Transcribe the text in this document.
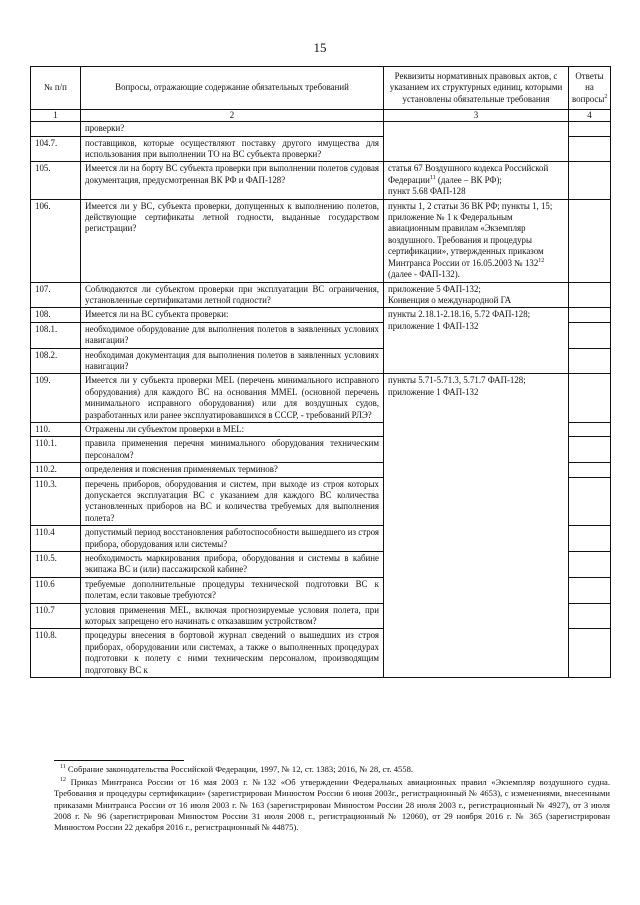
15
№ п/п	Вопросы, отражающие содержание обязательных требований	Реквизиты нормативных правовых актов, с указанием их структурных единиц, которыми установлены обязательные требования	Ответы на вопросы$^2$
1	2	3	4
	проверки?		
104.7.	поставщиков, которые осуществляют поставку другого имущества для использования при выполнении ТО на ВС субъекта проверки?		
105.	Имеется ли на борту ВС субъекта проверки при выполнении полетов судовая документация, предусмотренная ВК РФ и ФАП-128?	статья 67 Воздушного кодекса Российской Федерации$^{11}$ (далее – ВК РФ);
пункт 5.68 ФАП-128	
106.	Имеется ли у ВС, субъекта проверки, допущенных к выполнению полетов, действующие сертификаты летной годности, выданные государством регистрации?	пункты 1, 2 статьи 36 ВК РФ; пункты 1, 15; приложение № 1 к Федеральным авиационным правилам «Экземпляр воздушного. Требования и процедуры сертификации», утвержденных приказом Минтранса России от 16.05.2003 № $132^{12}$ (далее - ФАП-132).	
107.	Соблюдаются ли субъектом проверки при эксплуатации ВС ограничения, установленные сертификатами летной годности?	приложение 5 ФАП-132;
Конвенция о международной ГА	
108.	Имеется ли на ВС субъекта проверки:	пункты 2.18.1-2.18.16, 5.72 ФАП-128; приложение 1 ФАП-132	
108.1.	необходимое оборудование для выполнения полетов в заявленных условиях навигации?		
108.2.	необходимая документация для выполнения полетов в заявленных условиях навигации?		
109.	Имеется ли у субъекта проверки MEL (перечень минимального исправного оборудования) для каждого ВС на основания MMEL (основной перечень минимального исправного оборудования) или для воздушных судов, разработанных или ранее эксплуатировавшихся в СССР, - требований РЛЭ?	пункты 5.71-5.71.3, 5.71.7 ФАП-128; приложение 1 ФАП-132	
110.	Отражены ли субъектом проверки в MEL:		
110.1.	правила применения перечня минимального оборудования техническим персоналом?		
110.2.	определения и пояснения применяемых терминов?		
110.3.	перечень приборов, оборудования и систем, при выходе из строя которых допускается эксплуатация ВС с указанием для каждого ВС количества установленных приборов на ВС и количества требуемых для выполнения полета?		
110.4	допустимый период восстановления работоспособности вышедшего из строя прибора, оборудования или системы?		
110.5.	необходимость маркирования прибора, оборудования и системы в кабине экипажа ВС и (или) пассажирской кабине?		
110.6	требуемые дополнительные процедуры технической подготовки ВС к полетам, если таковые требуются?		
110.7	условия применения MEL, включая прогнозируемые условия полета, при которых запрещено его начинать с отказавшим устройством?		
110.8.	процедуры внесения в бортовой журнал сведений о вышедших из строя приборах, оборудовании или системах, а также о выполненных процедурах подготовки к полету с ними техническим персоналом, производящим подготовку ВС к		

$^{11}$ Собрание законодательства Российской Федерации, 1997, № 12, ст. 1383; 2016, № 28, ст. 4558.

$^{12}$ Приказ Минтранса России от 16 мая 2003 г. №132 «Об утверждении Федеральных авиационных правил «Экземпляр воздушного судна. Требования и процедуры сертификации» (зарегистрирован Минюстом России 6 июня 2003г., регистрационный № 4653), с изменениями, внесенными приказами Минтранса России от 16 июля 2003 г. № 163 (зарегистрирован Минюстом России 28 июля 2003 г., регистрационный № 4927), от 3 июля 2008 г. № 96 (зарегистрирован Минюстом России 31 июля 2008 г., регистрационный № 12060), от 29 ноября 2016 г. № 365 (зарегистрирован Минюстом России 22 декабря 2016 г., регистрационный № 44875).
